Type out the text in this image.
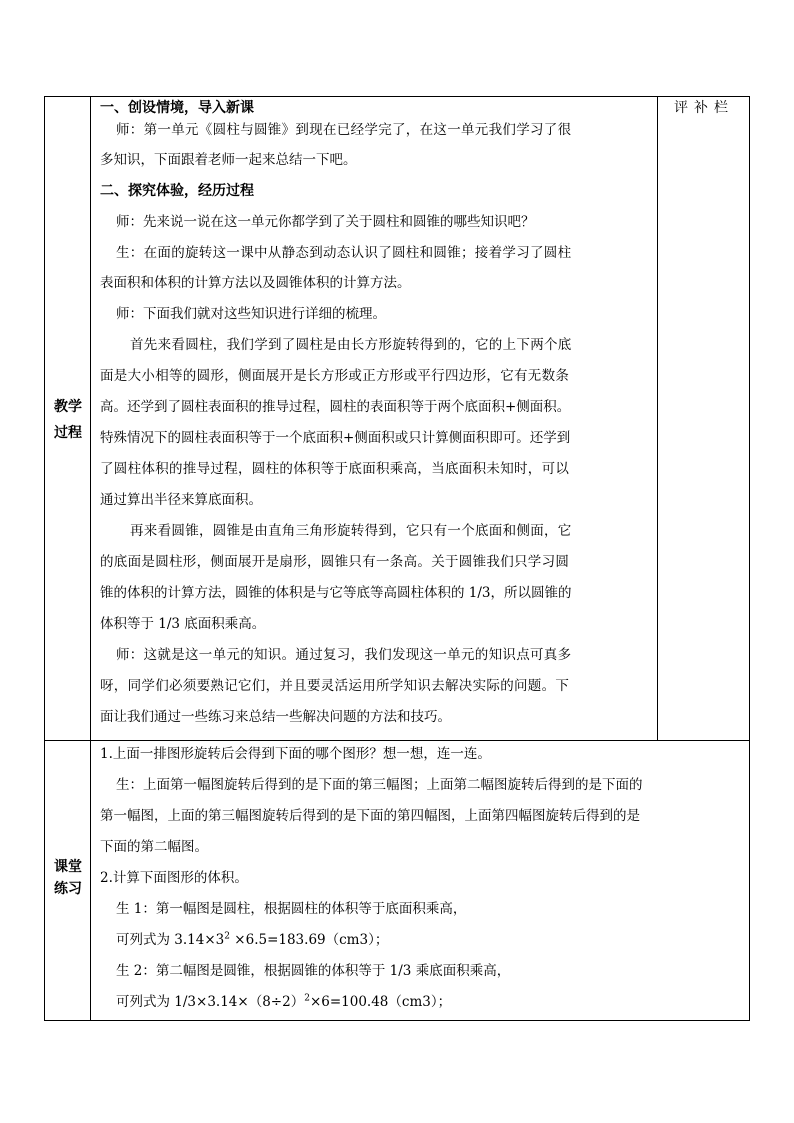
评补栏
教学
过程
课堂
练习
一、创设情境，导入新课
师：第一单元《圆柱与圆锥》到现在已经学完了，在这一单元我们学习了很
多知识，下面跟着老师一起来总结一下吧。
二、探究体验，经历过程
师：先来说一说在这一单元你都学到了关于圆柱和圆锥的哪些知识吧？
生：在面的旋转这一课中从静态到动态认识了圆柱和圆锥；接着学习了圆柱
表面积和体积的计算方法以及圆锥体积的计算方法。
师：下面我们就对这些知识进行详细的梳理。
首先来看圆柱，我们学到了圆柱是由长方形旋转得到的，它的上下两个底
面是大小相等的圆形，侧面展开是长方形或正方形或平行四边形，它有无数条
高。还学到了圆柱表面积的推导过程，圆柱的表面积等于两个底面积+侧面积。
特殊情况下的圆柱表面积等于一个底面积+侧面积或只计算侧面积即可。还学到
了圆柱体积的推导过程，圆柱的体积等于底面积乘高，当底面积未知时，可以
通过算出半径来算底面积。
再来看圆锥，圆锥是由直角三角形旋转得到，它只有一个底面和侧面，它
的底面是圆柱形，侧面展开是扇形，圆锥只有一条高。关于圆锥我们只学习圆
锥的体积的计算方法，圆锥的体积是与它等底等高圆柱体积的 1/3，所以圆锥的
体积等于 1/3 底面积乘高。
师：这就是这一单元的知识。通过复习，我们发现这一单元的知识点可真多
呀，同学们必须要熟记它们，并且要灵活运用所学知识去解决实际的问题。下
面让我们通过一些练习来总结一些解决问题的方法和技巧。
1.上面一排图形旋转后会得到下面的哪个图形？想一想，连一连。
生：上面第一幅图旋转后得到的是下面的第三幅图；上面第二幅图旋转后得到的是下面的
第一幅图，上面的第三幅图旋转后得到的是下面的第四幅图，上面第四幅图旋转后得到的是
下面的第二幅图。
2.计算下面图形的体积。
生 1：第一幅图是圆柱，根据圆柱的体积等于底面积乘高，
可列式为 $3.14\times 3^2 \times 6.5=183.69(cm3)$；
生 2：第二幅图是圆锥，根据圆锥的体积等于 1/3 乘底面积乘高，
可列式为 $1/3\times 3.14\times(8\div 2)^2\times 6=100.48(cm3)$；
